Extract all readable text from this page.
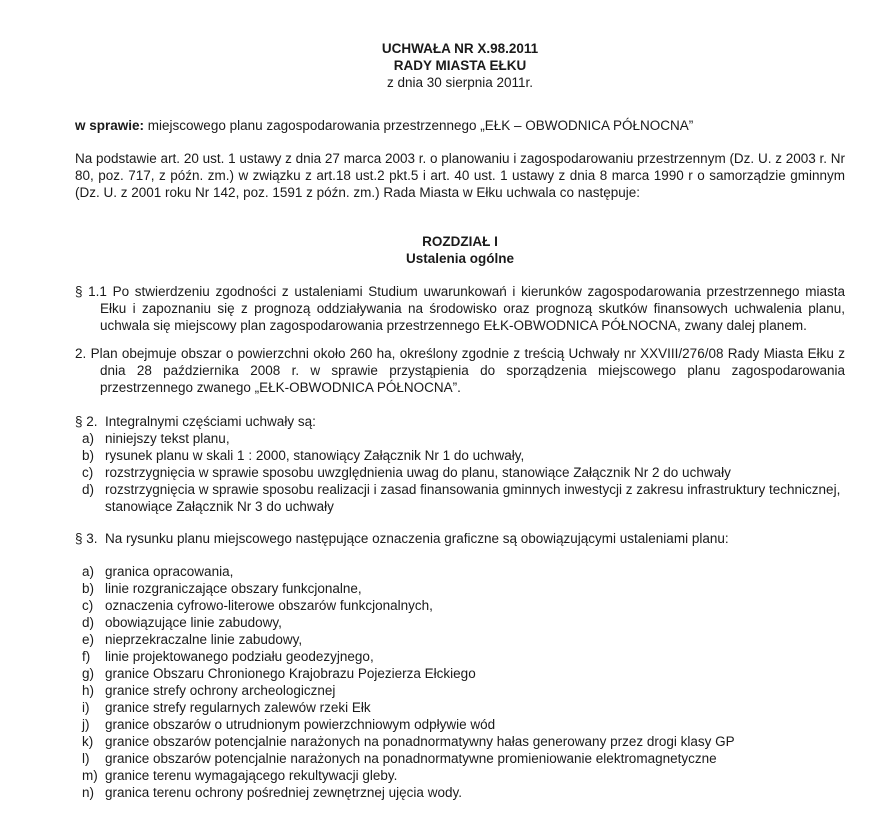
UCHWAŁA NR X.98.2011
RADY MIASTA EŁKU
z dnia 30 sierpnia 2011r.
w sprawie: miejscowego planu zagospodarowania przestrzennego „EŁK – OBWODNICA PÓŁNOCNA”

Na podstawie art. 20 ust. 1 ustawy z dnia 27 marca 2003 r. o planowaniu i zagospodarowaniu przestrzennym (Dz. U. z 2003 r. Nr 80, poz. 717, z późn. zm.) w związku z art.18 ust.2 pkt.5 i art. 40 ust. 1 ustawy z dnia 8 marca 1990 r o samorządzie gminnym (Dz. U. z 2001 roku Nr 142, poz. 1591 z późn. zm.) Rada Miasta w Ełku uchwala co następuje:

ROZDZIAŁ I
Ustalenia ogólne

§ 1.1 Po stwierdzeniu zgodności z ustaleniami Studium uwarunkowań i kierunków zagospodarowania przestrzennego miasta Ełku i zapoznaniu się z prognozą oddziaływania na środowisko oraz prognozą skutków finansowych uchwalenia planu, uchwala się miejscowy plan zagospodarowania przestrzennego EŁK-OBWODNICA PÓŁNOCNA, zwany dalej planem.

2. Plan obejmuje obszar o powierzchni około 260 ha, określony zgodnie z treścią Uchwały nr XXVIII/276/08 Rady Miasta Ełku z dnia 28 października 2008 r. w sprawie przystąpienia do sporządzenia miejscowego planu zagospodarowania przestrzennego zwanego „EŁK-OBWODNICA PÓŁNOCNA”.

§ 2. Integralnymi częściami uchwały są:

a) niniejszy tekst planu,
b) rysunek planu w skali 1 : 2000, stanowiący Załącznik Nr 1 do uchwały,
c) rozstrzygnięcia w sprawie sposobu uwzględnienia uwag do planu, stanowiące Załącznik Nr 2 do uchwały
d) rozstrzygnięcia w sprawie sposobu realizacji i zasad finansowania gminnych inwestycji z zakresu infrastruktury technicznej, stanowiące Załącznik Nr 3 do uchwały

§ 3. Na rysunku planu miejscowego następujące oznaczenia graficzne są obowiązującymi ustaleniami planu:

a) granica opracowania,
b) linie rozgraniczające obszary funkcjonalne,
c) oznaczenia cyfrowo-literowe obszarów funkcjonalnych,
d) obowiązujące linie zabudowy,
e) nieprzekraczalne linie zabudowy,
f) linie projektowanego podziału geodezyjnego,
g) granice Obszaru Chronionego Krajobrazu Pojezierza Ełckiego
h) granice strefy ochrony archeologicznej
i) granice strefy regularnych zalewów rzeki Ełk
j) granice obszarów o utrudnionym powierzchniowym odpływie wód
k) granice obszarów potencjalnie narażonych na ponadnormatywny hałas generowany przez drogi klasy GP
l) granice obszarów potencjalnie narażonych na ponadnormatywne promieniowanie elektromagnetyczne
m) granice terenu wymagającego rekultywacji gleby.
n) granica terenu ochrony pośredniej zewnętrznej ujęcia wody.
